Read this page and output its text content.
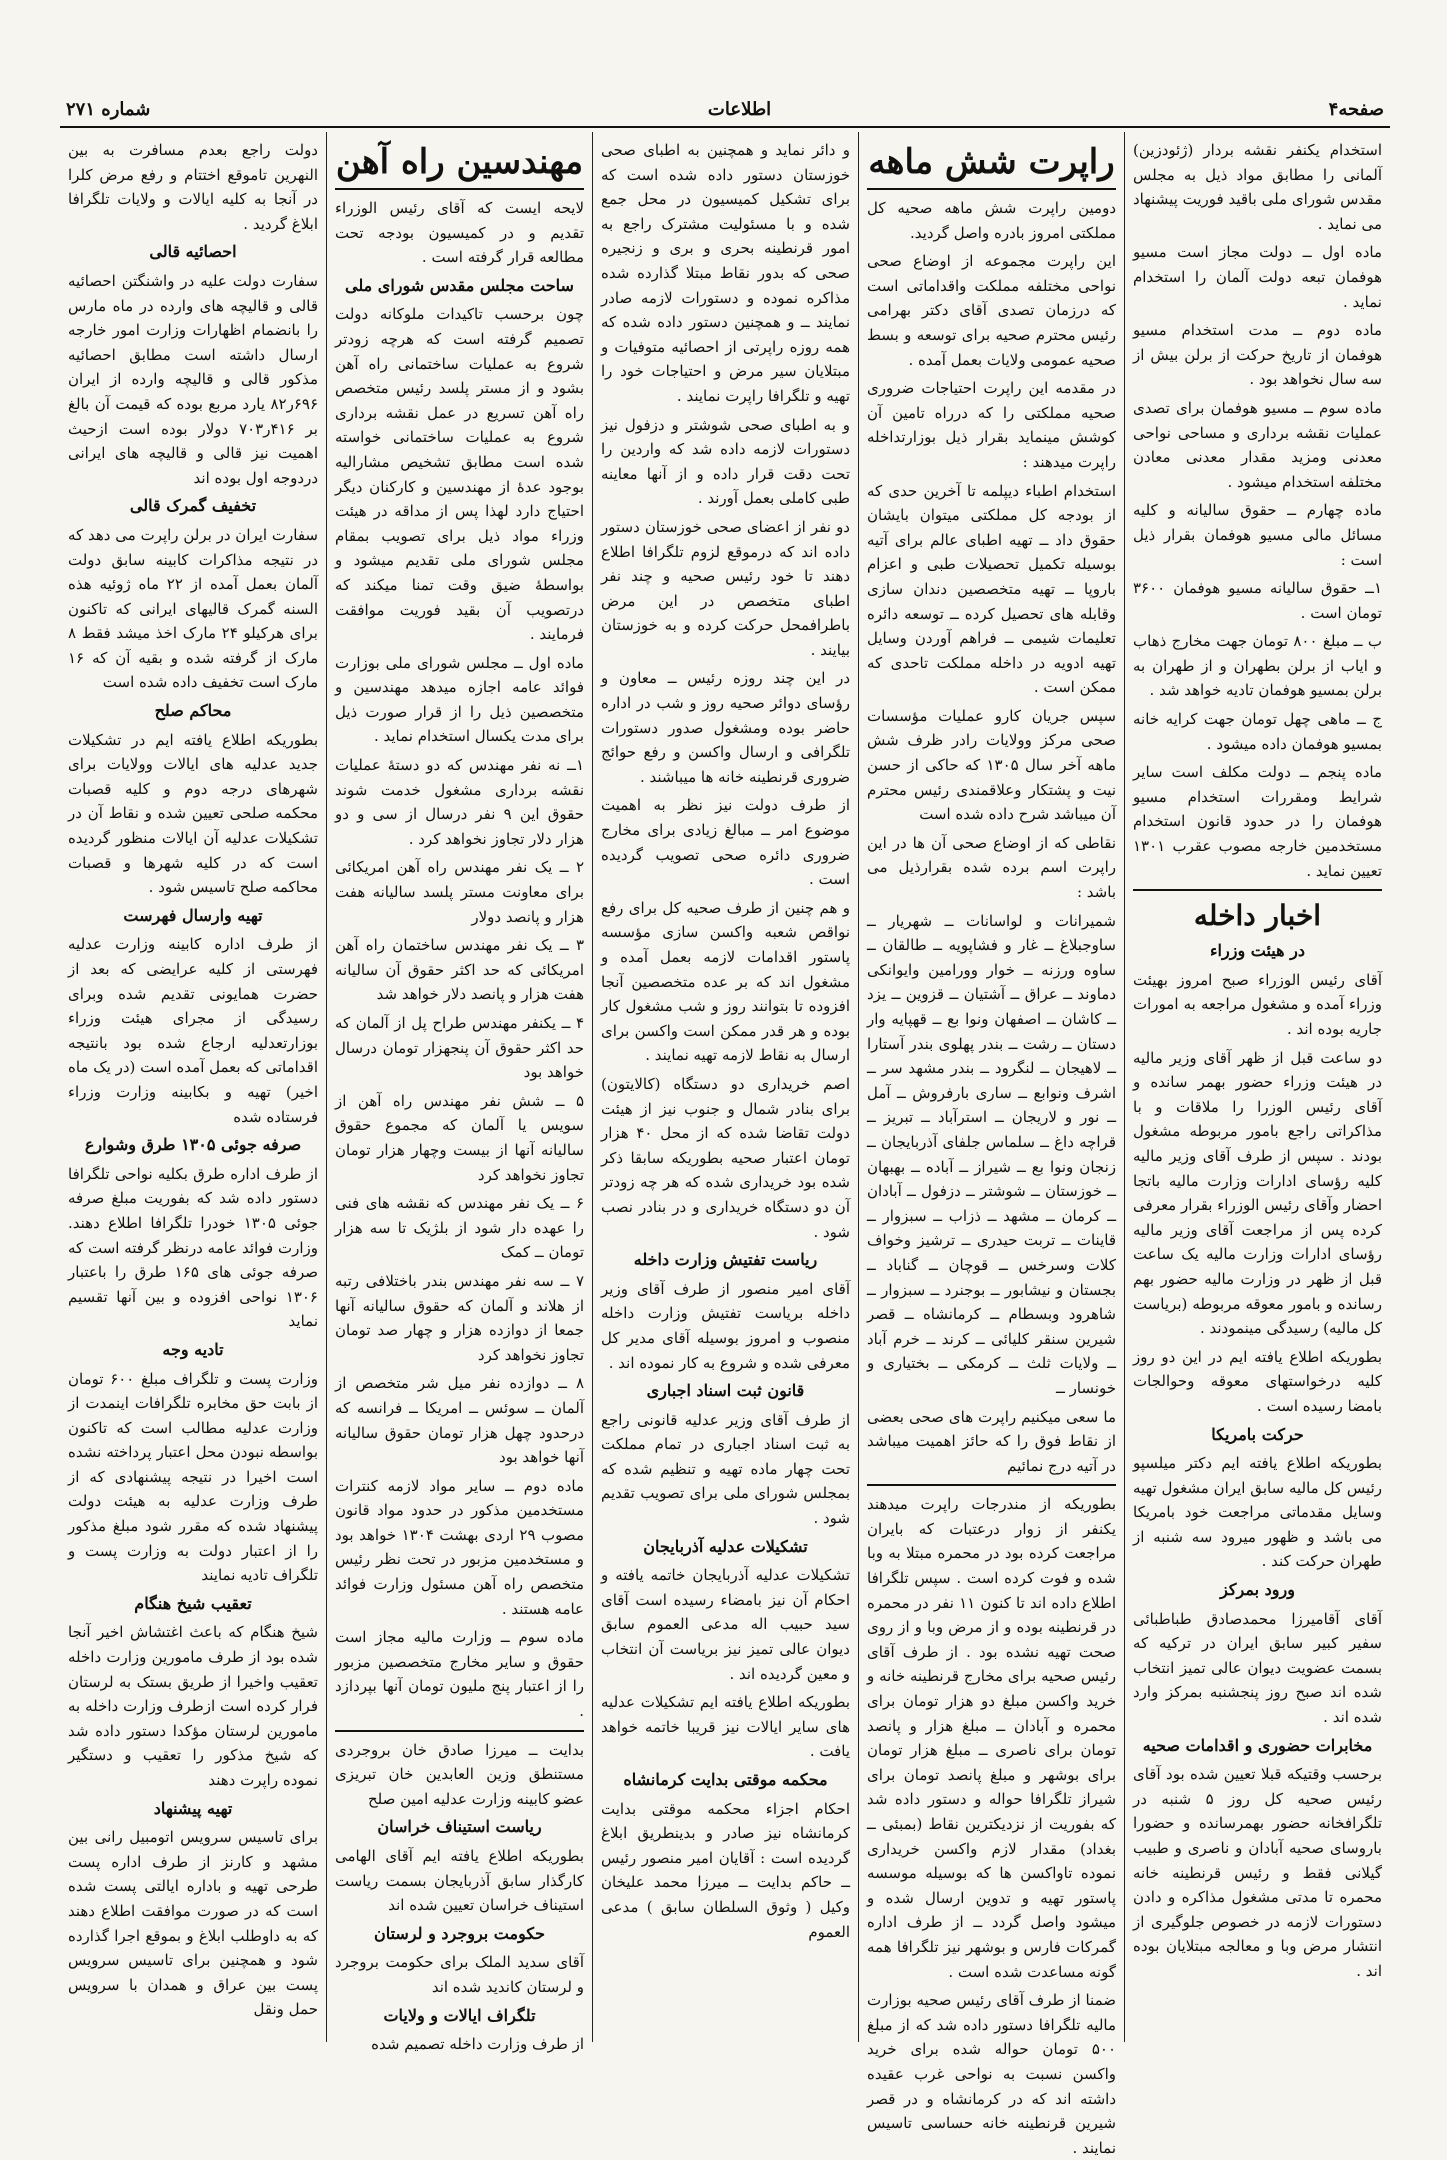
صفحه۴
اطلاعات
شماره ۲۷۱

استخدام یکنفر نقشه بردار (ژئودزین) آلمانی را مطابق مواد ذیل به مجلس مقدس شورای ملی باقید فوریت پیشنهاد می نماید .

ماده اول ــ دولت مجاز است مسیو هوفمان تبعه دولت آلمان را استخدام نماید .

ماده دوم ــ مدت استخدام مسیو هوفمان از تاریخ حرکت از برلن بیش از سه سال نخواهد بود .

ماده سوم ــ مسیو هوفمان برای تصدی عملیات نقشه برداری و مساحی نواحی معدنی ومزید مقدار معدنی معادن مختلفه استخدام میشود .

ماده چهارم ــ حقوق سالیانه و کلیه مسائل مالی مسیو هوفمان بقرار ذیل است :

۱ــ حقوق سالیانه مسیو هوفمان ۳۶۰۰ تومان است .

ب ــ مبلغ ۸۰۰ تومان جهت مخارج ذهاب و ایاب از برلن بطهران و از طهران به برلن بمسیو هوفمان تادیه خواهد شد .

ج ــ ماهی چهل تومان جهت کرایه خانه بمسیو هوفمان داده میشود .

ماده پنجم ــ دولت مکلف است سایر شرایط ومقررات استخدام مسیو هوفمان را در حدود قانون استخدام مستخدمین خارجه مصوب عقرب ۱۳۰۱ تعیین نماید .

اخبار داخله
در هیئت وزراء

آقای رئیس الوزراء صبح امروز بهیئت وزراء آمده و مشغول مراجعه به امورات جاریه بوده اند .

دو ساعت قبل از ظهر آقای وزیر مالیه در هیئت وزراء حضور بهمر سانده و آقای رئیس الوزرا را ملاقات و با مذاکراتی راجع بامور مربوطه مشغول بودند . سپس از طرف آقای وزیر مالیه کلیه رؤسای ادارات وزارت مالیه باتجا احضار وآقای رئیس الوزراء بقرار معرفی کرده پس از مراجعت آقای وزیر مالیه رؤسای ادارات وزارت مالیه یک ساعت قبل از ظهر در وزارت مالیه حضور بهم رسانده و بامور معوقه مربوطه (بریاست کل مالیه) رسیدگی مینمودند .

بطوریکه اطلاع یافته ایم در این دو روز کلیه درخواستهای معوقه وحوالجات بامضا رسیده است .

حرکت بامریکا

بطوریکه اطلاع یافته ایم دکتر میلسپو رئیس کل مالیه سابق ایران مشغول تهیه وسایل مقدماتی مراجعت خود بامریکا می باشد و ظهور میرود سه شنبه از طهران حرکت کند .

ورود بمرکز

آقای آقامیرزا محمدصادق طباطبائی سفیر کبیر سابق ایران در ترکیه که بسمت عضویت دیوان عالی تمیز انتخاب شده اند صبح روز پنجشنبه بمرکز وارد شده اند .

مخابرات حضوری و اقدامات صحیه

برحسب وقتیکه قبلا تعیین شده بود آقای رئیس صحیه کل روز ۵ شنبه در تلگرافخانه حضور بهمرسانده و حضورا باروسای صحیه آبادان و ناصری و طبیب گیلانی فقط و رئیس قرنطینه خانه محمره تا مدتی مشغول مذاکره و دادن دستورات لازمه در خصوص جلوگیری از انتشار مرض وبا و معالجه مبتلایان بوده اند .

راپرت شش ماهه

دومین راپرت شش ماهه صحیه کل مملکتی امروز بادره واصل گردید.

این راپرت مجموعه از اوضاع صحی نواحی مختلفه مملکت واقداماتی است که درزمان تصدی آقای دکتر بهرامی رئیس محترم صحیه برای توسعه و بسط صحیه عمومی ولایات بعمل آمده .

در مقدمه این راپرت احتیاجات ضروری صحیه مملکتی را که درراه تامین آن کوشش مینماید بقرار ذیل بوزارتداخله راپرت میدهند :

استخدام اطباء دیپلمه تا آخرین حدی که از بودجه کل مملکتی میتوان بایشان حقوق داد ــ تهیه اطبای عالم برای آتیه بوسیله تکمیل تحصیلات طبی و اعزام باروپا ــ تهیه متخصصین دندان سازی وقابله های تحصیل کرده ــ توسعه دائره تعلیمات شیمی ــ فراهم آوردن وسایل تهیه ادویه در داخله مملکت تاحدی که ممکن است .

سپس جریان کارو عملیات مؤسسات صحی مرکز وولایات رادر ظرف شش ماهه آخر سال ۱۳۰۵ که حاکی از حسن نیت و پشتکار وعلاقمندی رئیس محترم آن میباشد شرح داده شده است

نقاطی که از اوضاع صحی آن ها در این راپرت اسم برده شده بقرارذیل می باشد :

شمیرانات و لواسانات ــ شهریار ــ ساوجبلاغ ــ غار و فشاپویه ــ طالقان ــ ساوه ورزنه ــ خوار وورامین وایوانکی دماوند ــ عراق ــ آشتیان ــ قزوین ــ یزد ــ کاشان ــ اصفهان ونوا بع ــ قهپایه وار دستان ــ رشت ــ بندر پهلوی بندر آستارا ــ لاهیجان ــ لنگرود ــ بندر مشهد سر ــ اشرف ونوابع ــ ساری بارفروش ــ آمل ــ نور و لاریجان ــ استرآباد ــ تبریز ــ قراچه داغ ــ سلماس جلفای آذربایجان ــ زنجان ونوا بع ــ شیراز ــ آباده ــ بهبهان ــ خوزستان ــ شوشتر ــ دزفول ــ آبادان ــ کرمان ــ مشهد ــ ذزاب ــ سبزوار ــ قاینات ــ تربت حیدری ــ ترشیز وخواف کلات وسرخس ــ قوچان ــ گناباد ــ بجستان و نیشابور ــ بوجنرد ــ سبزوار ــ شاهرود وبسطام ــ کرمانشاه ــ قصر شیرین سنقر کلیائی ــ کرند ــ خرم آباد ــ ولایات ثلث ــ کرمکی ــ بختیاری و خونسار ــ

ما سعی میکنیم راپرت های صحی بعضی از نقاط فوق را که حائز اهمیت میباشد در آتیه درج نمائیم

بطوریکه از مندرجات راپرت میدهند یکنفر از زوار درعتبات که بایران مراجعت کرده بود در محمره مبتلا به وبا شده و فوت کرده است . سپس تلگرافا اطلاع داده اند تا کنون ۱۱ نفر در محمره در قرنطینه بوده و از مرض وبا و از روی صحت تهیه نشده بود . از طرف آقای رئیس صحیه برای مخارج قرنطینه خانه و خرید واکسن مبلغ دو هزار تومان برای محمره و آبادان ــ مبلغ هزار و پانصد تومان برای ناصری ــ مبلغ هزار تومان برای بوشهر و مبلغ پانصد تومان برای شیراز تلگرافا حواله و دستور داده شد که بفوریت از نزدیکترین نقاط (بمبئی ــ بغداد) مقدار لازم واکسن خریداری نموده تاواکسن ها که بوسیله موسسه پاستور تهیه و تدوین ارسال شده و میشود واصل گردد ــ از طرف اداره گمرکات فارس و بوشهر نیز تلگرافا همه گونه مساعدت شده است .

ضمنا از طرف آقای رئیس صحیه بوزارت مالیه تلگرافا دستور داده شد که از مبلغ ۵۰۰ تومان حواله شده برای خرید واکسن نسبت به نواحی غرب عقیده داشته اند که در کرمانشاه و در قصر شیرین قرنطینه خانه حساسی تاسیس نمایند .

و دائر نماید و همچنین به اطبای صحی خوزستان دستور داده شده است که برای تشکیل کمیسیون در محل جمع شده و با مسئولیت مشترک راجع به امور قرنطینه بحری و بری و زنجیره صحی که بدور نقاط مبتلا گذارده شده مذاکره نموده و دستورات لازمه صادر نمایند ــ و همچنین دستور داده شده که همه روزه راپرتی از احصائیه متوفیات و مبتلایان سیر مرض و احتیاجات خود را تهیه و تلگرافا راپرت نمایند .

و به اطبای صحی شوشتر و دزفول نیز دستورات لازمه داده شد که واردین را تحت دقت قرار داده و از آنها معاینه طبی کاملی بعمل آورند .

دو نفر از اعضای صحی خوزستان دستور داده اند که درموقع لزوم تلگرافا اطلاع دهند تا خود رئیس صحیه و چند نفر اطبای متخصص در این مرض باطرافمحل حرکت کرده و به خوزستان بیایند .

در این چند روزه رئیس ــ معاون و رؤسای دوائر صحیه روز و شب در اداره حاضر بوده ومشغول صدور دستورات تلگرافی و ارسال واکسن و رفع حوائج ضروری قرنطینه خانه ها میباشند .

از طرف دولت نیز نظر به اهمیت موضوع امر ــ مبالغ زیادی برای مخارج ضروری دائره صحی تصویب گردیده است .

و هم چنین از طرف صحیه کل برای رفع نواقص شعبه واکسن سازی مؤسسه پاستور اقدامات لازمه بعمل آمده و مشغول اند که بر عده متخصصین آنجا افزوده تا بتوانند روز و شب مشغول کار بوده و هر قدر ممکن است واکسن برای ارسال به نقاط لازمه تهیه نمایند .

اصم خریداری دو دستگاه (کالایتون) برای بنادر شمال و جنوب نیز از هیئت دولت تقاضا شده که از محل ۴۰ هزار تومان اعتبار صحیه بطوریکه سابقا ذکر شده بود خریداری شده که هر چه زودتر آن دو دستگاه خریداری و در بنادر نصب شود .

ریاست تفتیش وزارت داخله

آقای امیر منصور از طرف آقای وزیر داخله بریاست تفتیش وزارت داخله منصوب و امروز بوسیله آقای مدیر کل معرفی شده و شروع به کار نموده اند .

قانون ثبت اسناد اجباری

از طرف آقای وزیر عدلیه قانونی راجع به ثبت اسناد اجباری در تمام مملکت تحت چهار ماده تهیه و تنظیم شده که بمجلس شورای ملی برای تصویب تقدیم شود .

تشکیلات عدلیه آذربایجان

تشکیلات عدلیه آذربایجان خاتمه یافته و احکام آن نیز بامضاء رسیده است آقای سید حبیب اله مدعی العموم سابق دیوان عالی تمیز نیز بریاست آن انتخاب و معین گردیده اند .

بطوریکه اطلاع یافته ایم تشکیلات عدلیه های سایر ایالات نیز قریبا خاتمه خواهد یافت .

محکمه موقتی بدایت کرمانشاه

احکام اجزاء محکمه موقتی بدایت کرمانشاه نیز صادر و بدینطریق ابلاغ گردیده است : آقایان امیر منصور رئیس ــ حاکم بدایت ــ میرزا محمد علیخان وکیل ( وثوق السلطان سابق ) مدعی العموم

مهندسین راه آهن

لایحه ایست که آقای رئیس الوزراء تقدیم و در کمیسیون بودجه تحت مطالعه قرار گرفته است .

ساحت مجلس مقدس شورای ملی

چون برحسب تاکیدات ملوکانه دولت تصمیم گرفته است که هرچه زودتر شروع به عملیات ساختمانی راه آهن بشود و از مستر پلسد رئیس متخصص راه آهن تسریع در عمل نقشه برداری شروع به عملیات ساختمانی خواسته شده است مطابق تشخیص مشارالیه بوجود عدهٔ از مهندسین و کارکنان دیگر احتیاج دارد لهذا پس از مداقه در هیئت وزراء مواد ذیل برای تصویب بمقام مجلس شورای ملی تقدیم میشود و بواسطهٔ ضیق وقت تمنا میکند که درتصویب آن بقید فوریت موافقت فرمایند .

ماده اول ــ مجلس شورای ملی بوزارت فوائد عامه اجازه میدهد مهندسین و متخصصین ذیل را از قرار صورت ذیل برای مدت یکسال استخدام نماید .

۱ــ نه نفر مهندس که دو دستهٔ عملیات نقشه برداری مشغول خدمت شوند حقوق این ۹ نفر درسال از سی و دو هزار دلار تجاوز نخواهد کرد .

۲ ــ یک نفر مهندس راه آهن امریکائی برای معاونت مستر پلسد سالیانه هفت هزار و پانصد دولار

۳ ــ یک نفر مهندس ساختمان راه آهن امریکائی که حد اکثر حقوق آن سالیانه هفت هزار و پانصد دلار خواهد شد

۴ ــ یکنفر مهندس طراح پل از آلمان که حد اکثر حقوق آن پنجهزار تومان درسال خواهد بود

۵ ــ شش نفر مهندس راه آهن از سویس یا آلمان که مجموع حقوق سالیانه آنها از بیست وچهار هزار تومان تجاوز نخواهد کرد

۶ ــ یک نفر مهندس که نقشه های فنی را عهده دار شود از بلژیک تا سه هزار تومان ــ کمک

۷ ــ سه نفر مهندس بندر باختلافی رتبه از هلاند و آلمان که حقوق سالیانه آنها جمعا از دوازده هزار و چهار صد تومان تجاوز نخواهد کرد

۸ ــ دوازده نفر میل شر متخصص از آلمان ــ سوئس ــ امریکا ــ فرانسه که درحدود چهل هزار تومان حقوق سالیانه آنها خواهد بود

ماده دوم ــ سایر مواد لازمه کنترات مستخدمین مذکور در حدود مواد قانون مصوب ۲۹ اردی بهشت ۱۳۰۴ خواهد بود و مستخدمین مزبور در تحت نظر رئیس متخصص راه آهن مسئول وزارت فوائد عامه هستند .

ماده سوم ــ وزارت مالیه مجاز است حقوق و سایر مخارج متخصصین مزبور را از اعتبار پنج ملیون تومان آنها بپردازد .

بدایت ــ میرزا صادق خان بروجردی مستنطق وزین العابدین خان تبریزی عضو کابینه وزارت عدلیه امین صلح

ریاست استیناف خراسان

بطوریکه اطلاع یافته ایم آقای الهامی کارگذار سابق آذربایجان بسمت ریاست استیناف خراسان تعیین شده اند

حکومت بروجرد و لرستان

آقای سدید الملک برای حکومت بروجرد و لرستان کاندید شده اند

تلگراف ایالات و ولایات

از طرف وزارت داخله تصمیم شده

دولت راجع بعدم مسافرت به بین النهرین تاموقع اختتام و رفع مرض کلرا در آنجا به کلیه ایالات و ولایات تلگرافا ابلاغ گردید .

احصائیه قالی

سفارت دولت علیه در واشنگتن احصائیه قالی و قالیچه های وارده در ماه مارس را بانضمام اظهارات وزارت امور خارجه ارسال داشته است مطابق احصائیه مذکور قالی و قالیچه وارده از ایران ۶۹۶ر۸۲ یارد مربع بوده که قیمت آن بالغ بر ۴۱۶ر۷۰۳ دولار بوده است ازحیث اهمیت نیز قالی و قالیچه های ایرانی دردوجه اول بوده اند

تخفیف گمرک قالی

سفارت ایران در برلن راپرت می دهد که در نتیجه مذاکرات کابینه سابق دولت آلمان بعمل آمده از ۲۲ ماه ژوئیه هذه السنه گمرک قالیهای ایرانی که تاکنون برای هرکیلو ۲۴ مارک اخذ میشد فقط ۸ مارک از گرفته شده و بقیه آن که ۱۶ مارک است تخفیف داده شده است

محاکم صلح

بطوریکه اطلاع یافته ایم در تشکیلات جدید عدلیه های ایالات وولایات برای شهرهای درجه دوم و کلیه قصبات محکمه صلحی تعیین شده و نقاط آن در تشکیلات عدلیه آن ایالات منظور گردیده است که در کلیه شهرها و قصبات محاکمه صلح تاسیس شود .

تهیه وارسال فهرست

از طرف اداره کابینه وزارت عدلیه فهرستی از کلیه عرایضی که بعد از حضرت همایونی تقدیم شده وبرای رسیدگی از مجرای هیئت وزراء بوزارتعدلیه ارجاع شده بود بانتیجه اقداماتی که بعمل آمده است (در یک ماه اخیر) تهیه و بکابینه وزارت وزراء فرستاده شده

صرفه جوئی ۱۳۰۵ طرق وشوارع

از طرف اداره طرق بکلیه نواحی تلگرافا دستور داده شد که بفوریت مبلغ صرفه جوئی ۱۳۰۵ خودرا تلگرافا اطلاع دهند. وزارت فوائد عامه درنظر گرفته است که صرفه جوئی های ۱۶۵ طرق را باعتبار ۱۳۰۶ نواحی افزوده و بین آنها تقسیم نماید

تادیه وجه

وزارت پست و تلگراف مبلغ ۶۰۰ تومان از بابت حق مخابره تلگرافات اینمدت از وزارت عدلیه مطالب است که تاکنون بواسطه نبودن محل اعتبار پرداخته نشده است اخیرا در نتیجه پیشنهادی که از طرف وزارت عدلیه به هیئت دولت پیشنهاد شده که مقرر شود مبلغ مذکور را از اعتبار دولت به وزارت پست و تلگراف تادیه نمایند

تعقیب شیخ هنگام

شیخ هنگام که باعث اغتشاش اخیر آنجا شده بود از طرف مامورین وزارت داخله تعقیب واخیرا از طریق بستک به لرستان فرار کرده است ازطرف وزارت داخله به مامورین لرستان مؤکدا دستور داده شد که شیخ مذکور را تعقیب و دستگیر نموده راپرت دهند

تهیه پیشنهاد

برای تاسیس سرویس اتومبیل رانی بین مشهد و کارنز از طرف اداره پست طرحی تهیه و باداره ایالتی پست شده است که در صورت موافقت اطلاع دهند که به داوطلب ابلاغ و بموقع اجرا گذارده شود و همچنین برای تاسیس سرویس پست بین عراق و همدان با سرویس حمل ونقل
